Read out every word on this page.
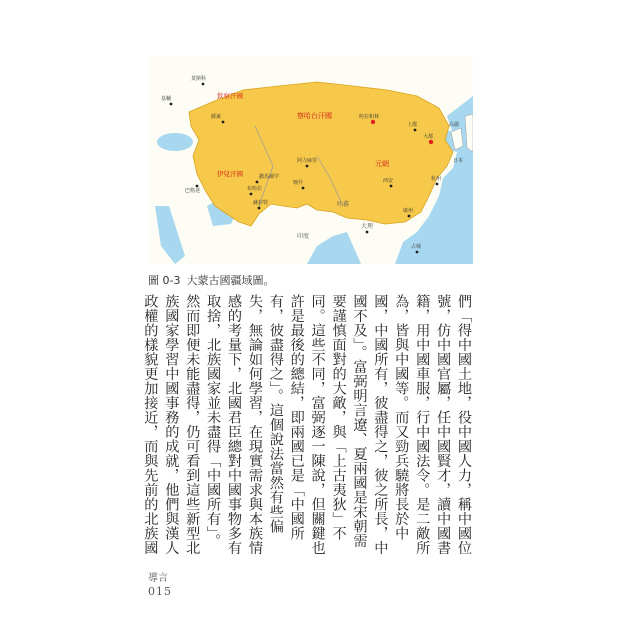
欽察汗國
察哈台汗國
伊兒汗國
元朝
吐蕃
大理
印度
巴格達
哈拉和林
大都
上都
西安	杭州
廣州
高麗
日本
撒馬爾罕
布哈拉
阿力麻里
喀什
莫斯科
基輔
薩萊
赫拉特
占城
圖 0-3 大蒙古國疆域圖。

們「得中國土地，役中國人力，稱中國位號，仿中國官屬，任中國賢才，讀中國書籍，用中國車服，行中國法令。是二敵所為，皆與中國等。而又勁兵驍將長於中國，中國所有，彼盡得之，彼之所長，中國不及」。富弼明言遼、夏兩國是宋朝需要謹慎面對的大敵，與「上古夷狄」不同。這些不同，富弼逐一陳說，但關鍵也許是最後的總結，即兩國已是「中國所有，彼盡得之」。這個說法當然有些偏失，無論如何學習，在現實需求與本族情感的考量下，北國君臣總對中國事物多有取捨，北族國家並未盡得「中國所有」。然而即便未能盡得，仍可看到這些新型北族國家學習中國事務的成就，他們與漢人政權的樣貌更加接近，而與先前的北族國

導言
015
